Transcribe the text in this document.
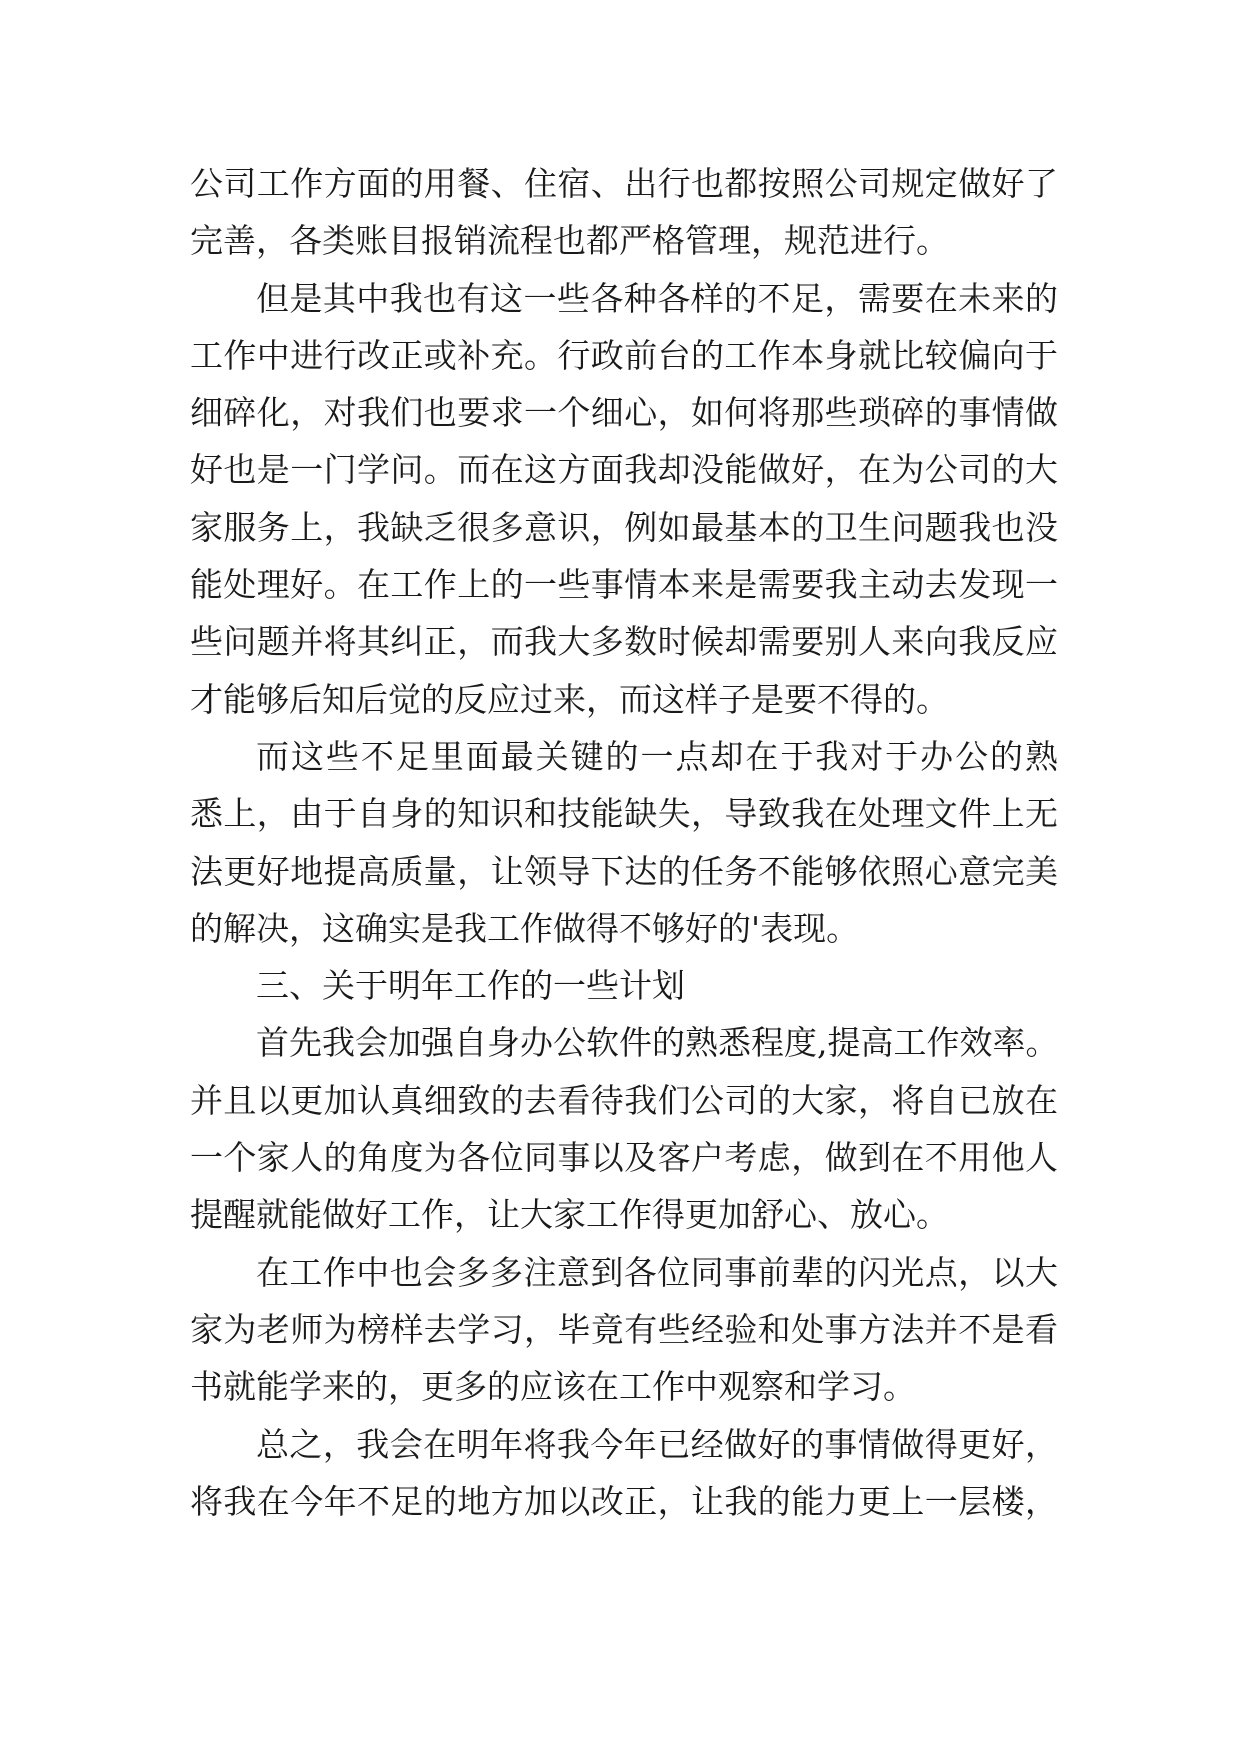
公司工作方面的用餐、住宿、出行也都按照公司规定做好了
完善，各类账目报销流程也都严格管理，规范进行。
但是其中我也有这一些各种各样的不足，需要在未来的
工作中进行改正或补充。行政前台的工作本身就比较偏向于
细碎化，对我们也要求一个细心，如何将那些琐碎的事情做
好也是一门学问。而在这方面我却没能做好，在为公司的大
家服务上，我缺乏很多意识，例如最基本的卫生问题我也没
能处理好。在工作上的一些事情本来是需要我主动去发现一
些问题并将其纠正，而我大多数时候却需要别人来向我反应
才能够后知后觉的反应过来，而这样子是要不得的。
而这些不足里面最关键的一点却在于我对于办公的熟
悉上，由于自身的知识和技能缺失，导致我在处理文件上无
法更好地提高质量，让领导下达的任务不能够依照心意完美
的解决，这确实是我工作做得不够好的'表现。
三、关于明年工作的一些计划
首先我会加强自身办公软件的熟悉程度,提高工作效率。
并且以更加认真细致的去看待我们公司的大家，将自已放在
一个家人的角度为各位同事以及客户考虑，做到在不用他人
提醒就能做好工作，让大家工作得更加舒心、放心。
在工作中也会多多注意到各位同事前辈的闪光点，以大
家为老师为榜样去学习，毕竟有些经验和处事方法并不是看
书就能学来的，更多的应该在工作中观察和学习。
总之，我会在明年将我今年已经做好的事情做得更好，
将我在今年不足的地方加以改正，让我的能力更上一层楼，
